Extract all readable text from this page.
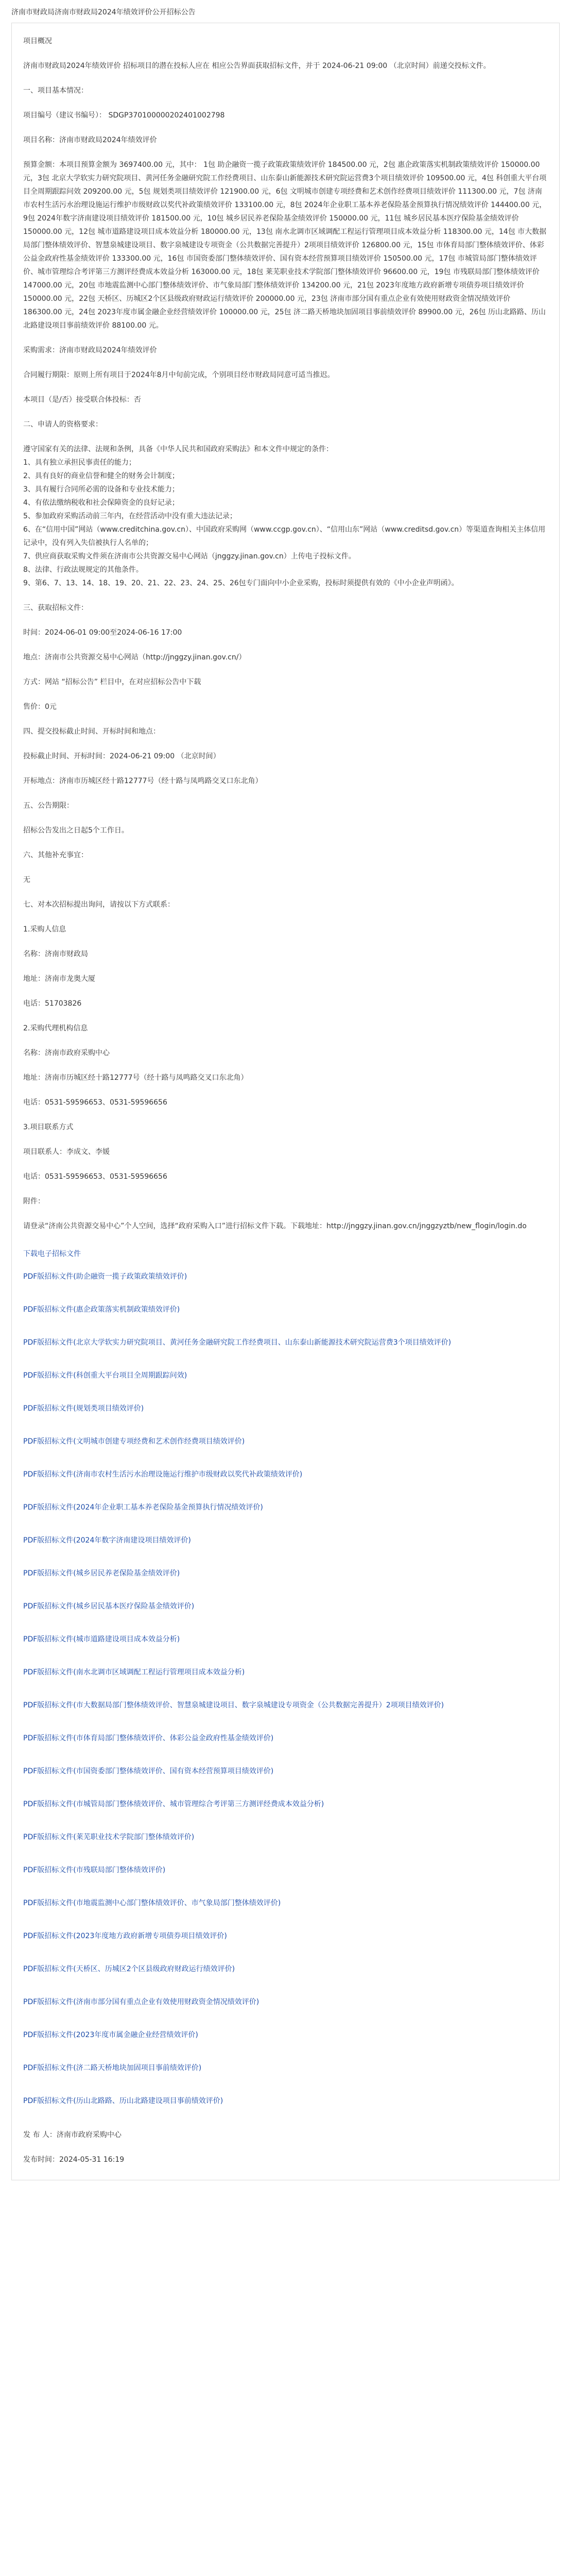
济南市财政局济南市财政局2024年绩效评价公开招标公告
项目概况
济南市财政局2024年绩效评价 招标项目的潜在投标人应在 相应公告界面获取招标文件，并于 2024-06-21 09:00 （北京时间）前递交投标文件。
一、项目基本情况：
项目编号（建议书编号）： SDGP370100000202401002798
项目名称：济南市财政局2024年绩效评价
预算金额：本项目预算金额为 3697400.00 元，其中： 1包 助企融资一揽子政策政策绩效评价 184500.00 元，2包 惠企政策落实机制政策绩效评价 150000.00 元，3包 北京大学软实力研究院项目、黄河任务金融研究院工作经费项目、山东泰山新能源技术研究院运营费3个项目绩效评价 109500.00 元，4包 科创重大平台项目全周期跟踪问效 209200.00 元，5包 规划类项目绩效评价 121900.00 元，6包 文明城市创建专项经费和艺术创作经费项目绩效评价 111300.00 元，7包 济南市农村生活污水治理设施运行维护市级财政以奖代补政策绩效评价 133100.00 元，8包 2024年企业职工基本养老保险基金预算执行情况绩效评价 144400.00 元，9包 2024年数字济南建设项目绩效评价 181500.00 元，10包 城乡居民养老保险基金绩效评价 150000.00 元，11包 城乡居民基本医疗保险基金绩效评价 150000.00 元，12包 城市道路建设项目成本效益分析 180000.00 元，13包 南水北调市区域调配工程运行管理项目成本效益分析 118300.00 元，14包 市大数据局部门整体绩效评价、智慧泉城建设项目、数字泉城建设专项资金（公共数据完善提升）2项项目绩效评价 126800.00 元，15包 市体育局部门整体绩效评价、体彩公益金政府性基金绩效评价 133300.00 元，16包 市国资委部门整体绩效评价、国有资本经营预算项目绩效评价 150500.00 元，17包 市城管局部门整体绩效评价、城市管理综合考评第三方测评经费成本效益分析 163000.00 元，18包 莱芜职业技术学院部门整体绩效评价 96600.00 元，19包 市残联局部门整体绩效评价 147000.00 元，20包 市地震监测中心部门整体绩效评价、市气象局部门整体绩效评价 134200.00 元，21包 2023年度地方政府新增专项债券项目绩效评价 150000.00 元，22包 天桥区、历城区2个区县级政府财政运行绩效评价 200000.00 元，23包 济南市部分国有重点企业有效使用财政资金情况绩效评价 186300.00 元，24包 2023年度市属金融企业经营绩效评价 100000.00 元，25包 济二路天桥地块加固项目事前绩效评价 89900.00 元，26包 历山北路路、历山北路建设项目事前绩效评价 88100.00 元。
采购需求：济南市财政局2024年绩效评价
合同履行期限：原则上所有项目于2024年8月中旬前完成，个别项目经市财政局同意可适当推迟。
本项目（是/否）接受联合体投标：否
二、申请人的资格要求：
遵守国家有关的法律、法规和条例，具备《中华人民共和国政府采购法》和本文件中规定的条件：
1、具有独立承担民事责任的能力；
2、具有良好的商业信誉和健全的财务会计制度；
3、具有履行合同所必需的设备和专业技术能力；
4、有依法缴纳税收和社会保障资金的良好记录；
5、参加政府采购活动前三年内，在经营活动中没有重大违法记录；
6、在“信用中国”网站（www.creditchina.gov.cn）、中国政府采购网（www.ccgp.gov.cn）、“信用山东”网站（www.creditsd.gov.cn）等渠道查询相关主体信用记录中，没有列入失信被执行人名单的；
7、供应商获取采购文件须在济南市公共资源交易中心网站（jnggzy.jinan.gov.cn）上传电子投标文件。
8、法律、行政法规规定的其他条件。
9、第6、7、13、14、18、19、20、21、22、23、24、25、26包专门面向中小企业采购，投标时须提供有效的《中小企业声明函》。
三、获取招标文件：
时间：2024-06-01 09:00至2024-06-16 17:00
地点：济南市公共资源交易中心网站（http://jnggzy.jinan.gov.cn/）
方式：网站 “招标公告” 栏目中，在对应招标公告中下载
售价：0元
四、提交投标截止时间、开标时间和地点：
投标截止时间、开标时间：2024-06-21 09:00 （北京时间）
开标地点：济南市历城区经十路12777号（经十路与凤鸣路交叉口东北角）
五、公告期限：
招标公告发出之日起5个工作日。
六、其他补充事宜：
无
七、对本次招标提出询问，请按以下方式联系：
1.采购人信息
名称：济南市财政局
地址：济南市龙奥大厦
电话：51703826
2.采购代理机构信息
名称：济南市政府采购中心
地址：济南市历城区经十路12777号（经十路与凤鸣路交叉口东北角）
电话：0531-59596653、0531-59596656
3.项目联系方式
项目联系人：李成文、李媛
电话：0531-59596653、0531-59596656
附件：
请登录“济南公共资源交易中心”个人空间，选择“政府采购入口”进行招标文件下载。下载地址：http://jnggzy.jinan.gov.cn/jnggzyztb/new_flogin/login.do
下载电子招标文件
PDF版招标文件(助企融资一揽子政策政策绩效评价)
PDF版招标文件(惠企政策落实机制政策绩效评价)
PDF版招标文件(北京大学软实力研究院项目、黄河任务金融研究院工作经费项目、山东泰山新能源技术研究院运营费3个项目绩效评价)
PDF版招标文件(科创重大平台项目全周期跟踪问效)
PDF版招标文件(规划类项目绩效评价)
PDF版招标文件(文明城市创建专项经费和艺术创作经费项目绩效评价)
PDF版招标文件(济南市农村生活污水治理设施运行维护市级财政以奖代补政策绩效评价)
PDF版招标文件(2024年企业职工基本养老保险基金预算执行情况绩效评价)
PDF版招标文件(2024年数字济南建设项目绩效评价)
PDF版招标文件(城乡居民养老保险基金绩效评价)
PDF版招标文件(城乡居民基本医疗保险基金绩效评价)
PDF版招标文件(城市道路建设项目成本效益分析)
PDF版招标文件(南水北调市区域调配工程运行管理项目成本效益分析)
PDF版招标文件(市大数据局部门整体绩效评价、智慧泉城建设项目、数字泉城建设专项资金（公共数据完善提升）2项项目绩效评价)
PDF版招标文件(市体育局部门整体绩效评价、体彩公益金政府性基金绩效评价)
PDF版招标文件(市国资委部门整体绩效评价、国有资本经营预算项目绩效评价)
PDF版招标文件(市城管局部门整体绩效评价、城市管理综合考评第三方测评经费成本效益分析)
PDF版招标文件(莱芜职业技术学院部门整体绩效评价)
PDF版招标文件(市残联局部门整体绩效评价)
PDF版招标文件(市地震监测中心部门整体绩效评价、市气象局部门整体绩效评价)
PDF版招标文件(2023年度地方政府新增专项债券项目绩效评价)
PDF版招标文件(天桥区、历城区2个区县级政府财政运行绩效评价)
PDF版招标文件(济南市部分国有重点企业有效使用财政资金情况绩效评价)
PDF版招标文件(2023年度市属金融企业经营绩效评价)
PDF版招标文件(济二路天桥地块加固项目事前绩效评价)
PDF版招标文件(历山北路路、历山北路建设项目事前绩效评价)
发 布 人：济南市政府采购中心
发布时间：2024-05-31 16:19
